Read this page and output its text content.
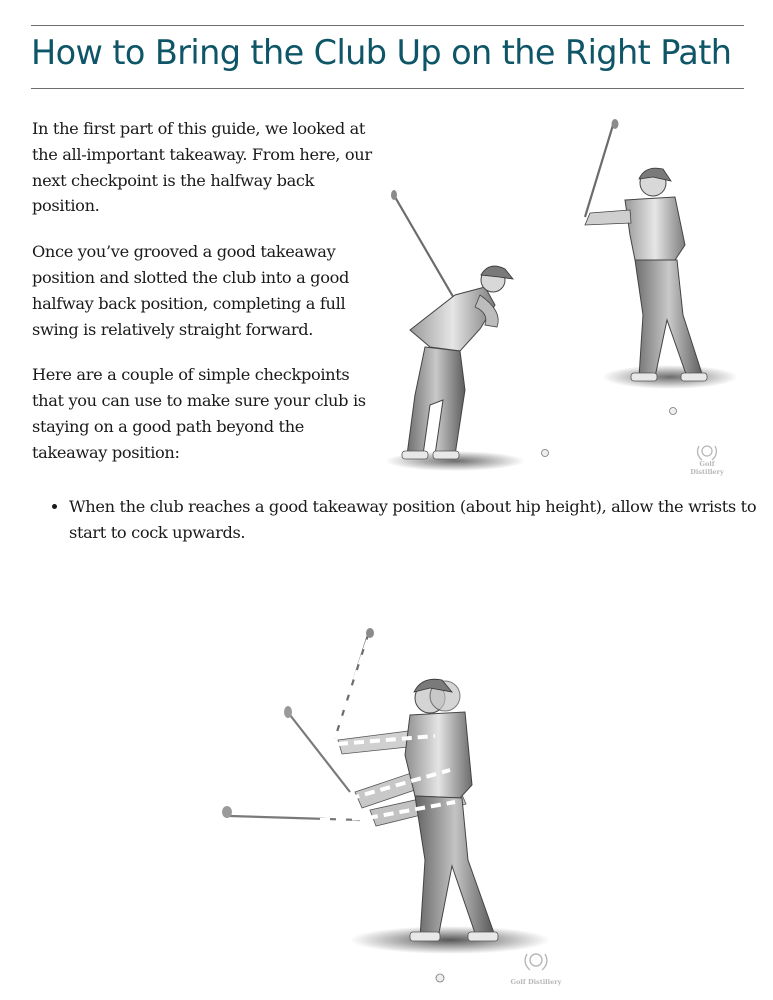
How to Bring the Club Up on the Right Path

In the first part of this guide, we looked at the all-important takeaway. From here, our next checkpoint is the halfway back position.

Once you’ve grooved a good takeaway position and slotted the club into a good halfway back position, completing a full swing is relatively straight forward.

Here are a couple of simple checkpoints that you can use to make sure your club is staying on a good path beyond the takeaway position:

Golf Distillery
• When the club reaches a good takeaway position (about hip height), allow the wrists to start to cock upwards.
Golf Distillery
